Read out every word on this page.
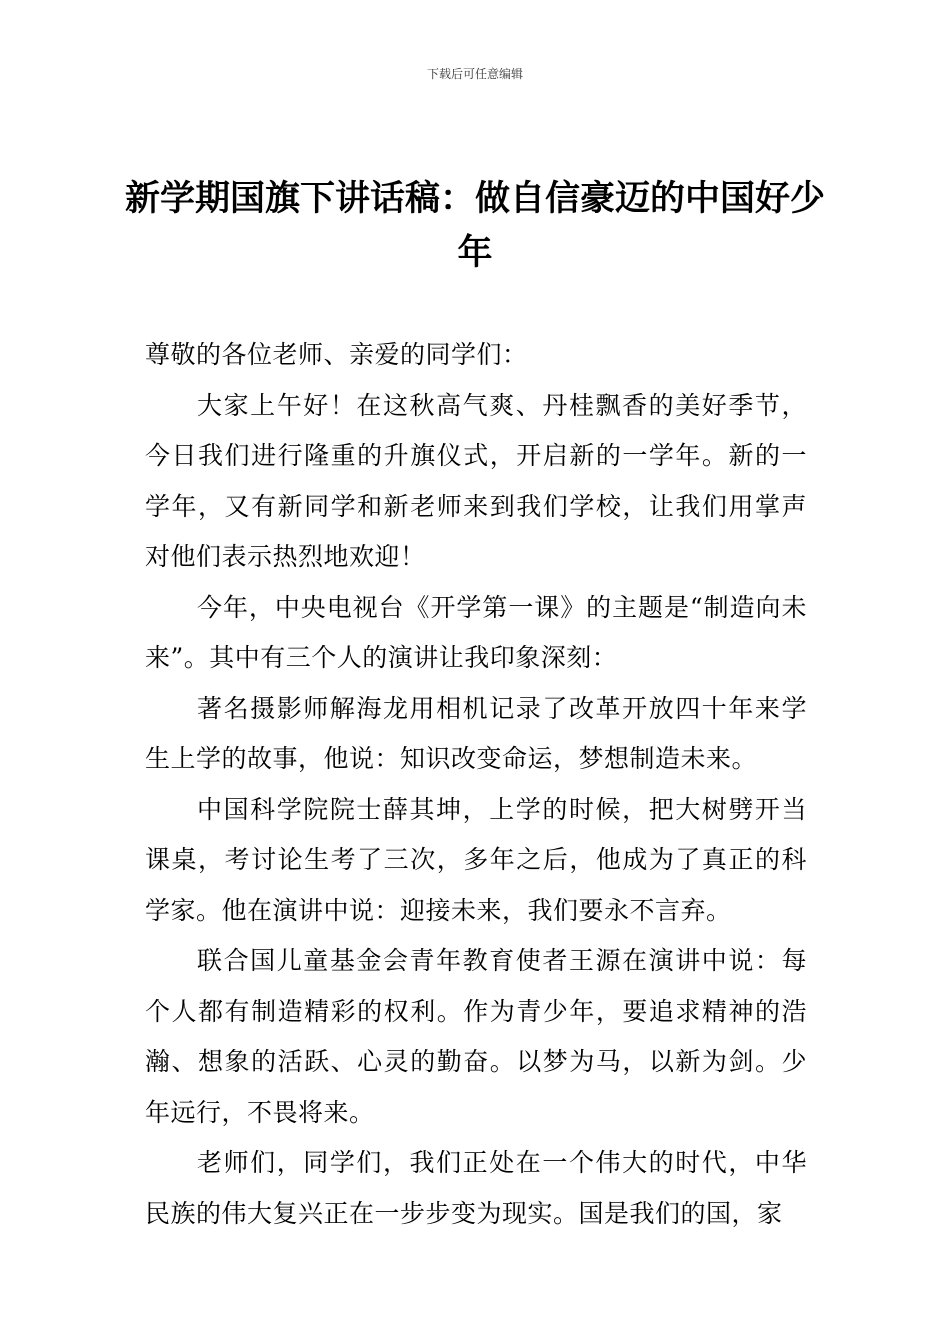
下载后可任意编辑
新学期国旗下讲话稿：做自信豪迈的中国好少年

尊敬的各位老师、亲爱的同学们：

大家上午好！在这秋高气爽、丹桂飘香的美好季节，今日我们进行隆重的升旗仪式，开启新的一学年。新的一学年，又有新同学和新老师来到我们学校，让我们用掌声对他们表示热烈地欢迎！

今年，中央电视台《开学第一课》的主题是“制造向未来”。其中有三个人的演讲让我印象深刻：

著名摄影师解海龙用相机记录了改革开放四十年来学生上学的故事，他说：知识改变命运，梦想制造未来。

中国科学院院士薛其坤，上学的时候，把大树劈开当课桌，考讨论生考了三次，多年之后，他成为了真正的科学家。他在演讲中说：迎接未来，我们要永不言弃。

联合国儿童基金会青年教育使者王源在演讲中说：每个人都有制造精彩的权利。作为青少年，要追求精神的浩瀚、想象的活跃、心灵的勤奋。以梦为马，以新为剑。少年远行，不畏将来。

老师们，同学们，我们正处在一个伟大的时代，中华民族的伟大复兴正在一步步变为现实。国是我们的国，家
